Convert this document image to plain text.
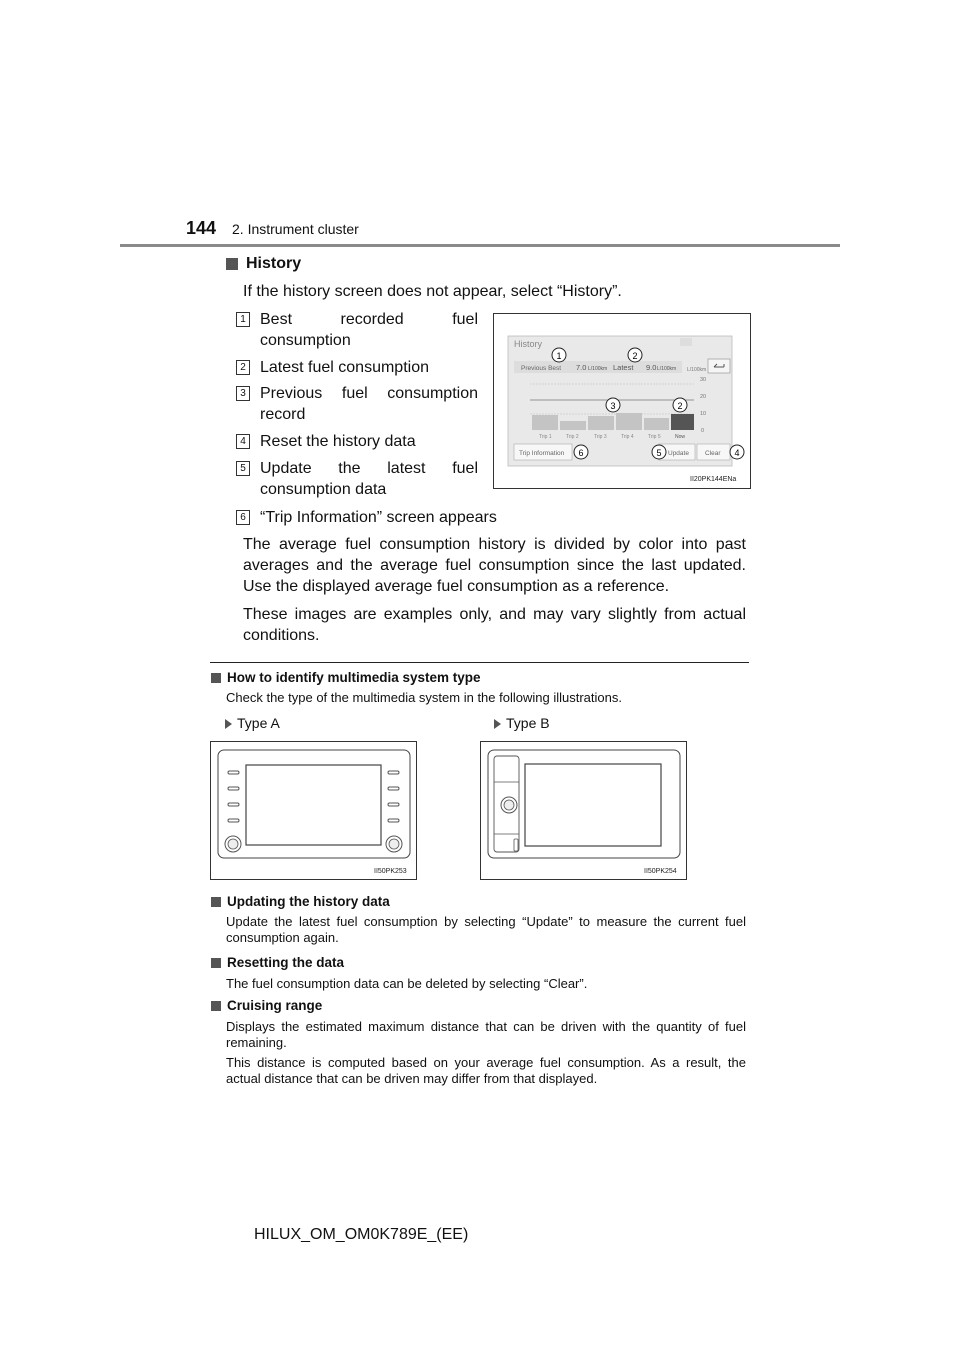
144 2. Instrument cluster
History
If the history screen does not appear, select “History”.
1 Best recorded fuel consumption
2 Latest fuel consumption
3 Previous fuel consumption record
4 Reset the history data
5 Update the latest fuel consumption data
6 “Trip Information” screen appears
History
Previous Best 7.0 L/100km Latest 9.0 L/100km L/100km
30
20
10
0
Trip 1	Trip 2	Trip 3	Trip 4	Trip 5	Now
Trip Information	Update Clear
1	2
3	2
6	5	4
II20PK144ENa
The average fuel consumption history is divided by color into past averages and the average fuel consumption since the last updated. Use the displayed average fuel consumption as a reference.
These images are examples only, and may vary slightly from actual conditions.
How to identify multimedia system type
Check the type of the multimedia system in the following illustrations.
Type A	Type B
II50PK253	II50PK254
Updating the history data
Update the latest fuel consumption by selecting “Update” to measure the current fuel consumption again.
Resetting the data
The fuel consumption data can be deleted by selecting “Clear”.
Cruising range
Displays the estimated maximum distance that can be driven with the quantity of fuel remaining.
This distance is computed based on your average fuel consumption. As a result, the actual distance that can be driven may differ from that displayed.
HILUX_OM_OM0K789E_(EE)
